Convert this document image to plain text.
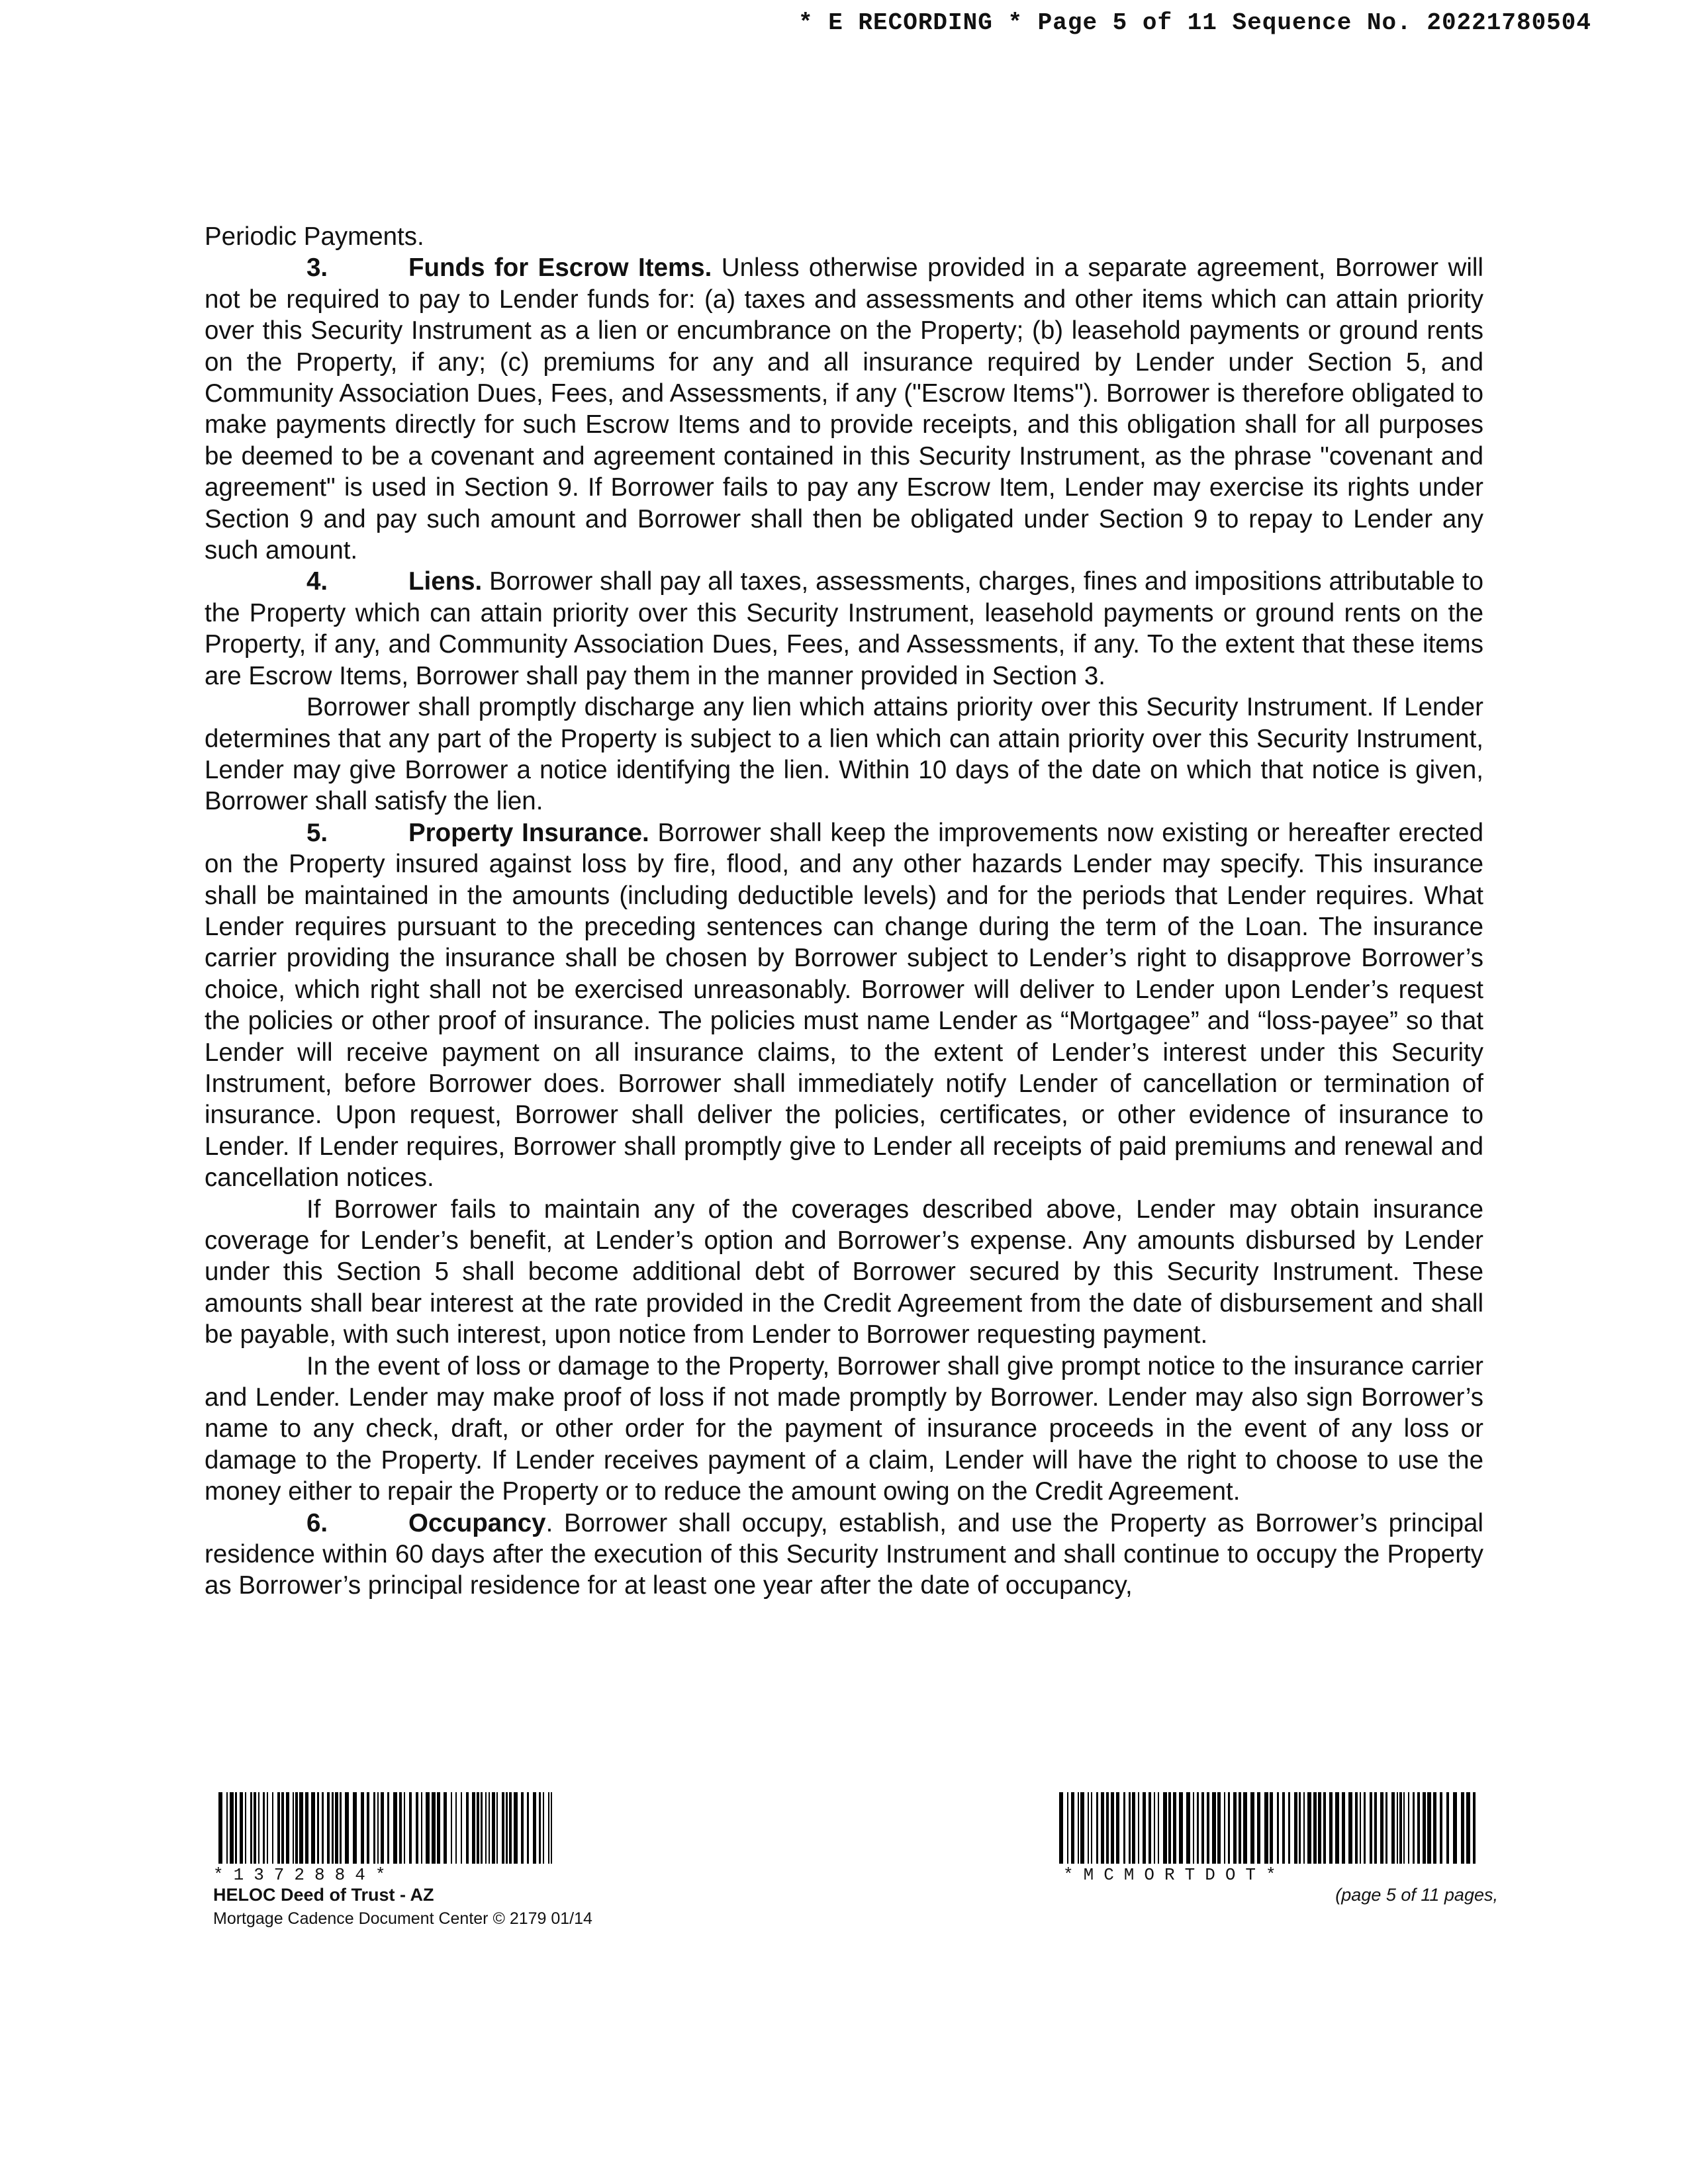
* E RECORDING * Page 5 of 11 Sequence No. 20221780504

Periodic Payments.

3.	Funds for Escrow Items. Unless otherwise provided in a separate agreement, Borrower will not be required to pay to Lender funds for: (a) taxes and assessments and other items which can attain priority over this Security Instrument as a lien or encumbrance on the Property; (b) leasehold payments or ground rents on the Property, if any; (c) premiums for any and all insurance required by Lender under Section 5, and Community Association Dues, Fees, and Assessments, if any ("Escrow Items"). Borrower is therefore obligated to make payments directly for such Escrow Items and to provide receipts, and this obligation shall for all purposes be deemed to be a covenant and agreement contained in this Security Instrument, as the phrase "covenant and agreement" is used in Section 9. If Borrower fails to pay any Escrow Item, Lender may exercise its rights under Section 9 and pay such amount and Borrower shall then be obligated under Section 9 to repay to Lender any such amount.

4.	Liens. Borrower shall pay all taxes, assessments, charges, fines and impositions attributable to the Property which can attain priority over this Security Instrument, leasehold payments or ground rents on the Property, if any, and Community Association Dues, Fees, and Assessments, if any. To the extent that these items are Escrow Items, Borrower shall pay them in the manner provided in Section 3.

Borrower shall promptly discharge any lien which attains priority over this Security Instrument. If Lender determines that any part of the Property is subject to a lien which can attain priority over this Security Instrument, Lender may give Borrower a notice identifying the lien. Within 10 days of the date on which that notice is given, Borrower shall satisfy the lien.

5.	Property Insurance. Borrower shall keep the improvements now existing or hereafter erected on the Property insured against loss by fire, flood, and any other hazards Lender may specify. This insurance shall be maintained in the amounts (including deductible levels) and for the periods that Lender requires. What Lender requires pursuant to the preceding sentences can change during the term of the Loan. The insurance carrier providing the insurance shall be chosen by Borrower subject to Lender’s right to disapprove Borrower’s choice, which right shall not be exercised unreasonably. Borrower will deliver to Lender upon Lender’s request the policies or other proof of insurance. The policies must name Lender as “Mortgagee” and “loss-payee” so that Lender will receive payment on all insurance claims, to the extent of Lender’s interest under this Security Instrument, before Borrower does. Borrower shall immediately notify Lender of cancellation or termination of insurance. Upon request, Borrower shall deliver the policies, certificates, or other evidence of insurance to Lender. If Lender requires, Borrower shall promptly give to Lender all receipts of paid premiums and renewal and cancellation notices.

If Borrower fails to maintain any of the coverages described above, Lender may obtain insurance coverage for Lender’s benefit, at Lender’s option and Borrower’s expense. Any amounts disbursed by Lender under this Section 5 shall become additional debt of Borrower secured by this Security Instrument. These amounts shall bear interest at the rate provided in the Credit Agreement from the date of disbursement and shall be payable, with such interest, upon notice from Lender to Borrower requesting payment.

In the event of loss or damage to the Property, Borrower shall give prompt notice to the insurance carrier and Lender. Lender may make proof of loss if not made promptly by Borrower. Lender may also sign Borrower’s name to any check, draft, or other order for the payment of insurance proceeds in the event of any loss or damage to the Property. If Lender receives payment of a claim, Lender will have the right to choose to use the money either to repair the Property or to reduce the amount owing on the Credit Agreement.

6.	Occupancy. Borrower shall occupy, establish, and use the Property as Borrower’s principal residence within 60 days after the execution of this Security Instrument and shall continue to occupy the Property as Borrower’s principal residence for at least one year after the date of occupancy,

*1372884*	*MCMORTDOT*
HELOC Deed of Trust - AZ
Mortgage Cadence Document Center © 2179 01/14
(page 5 of 11 pages,
